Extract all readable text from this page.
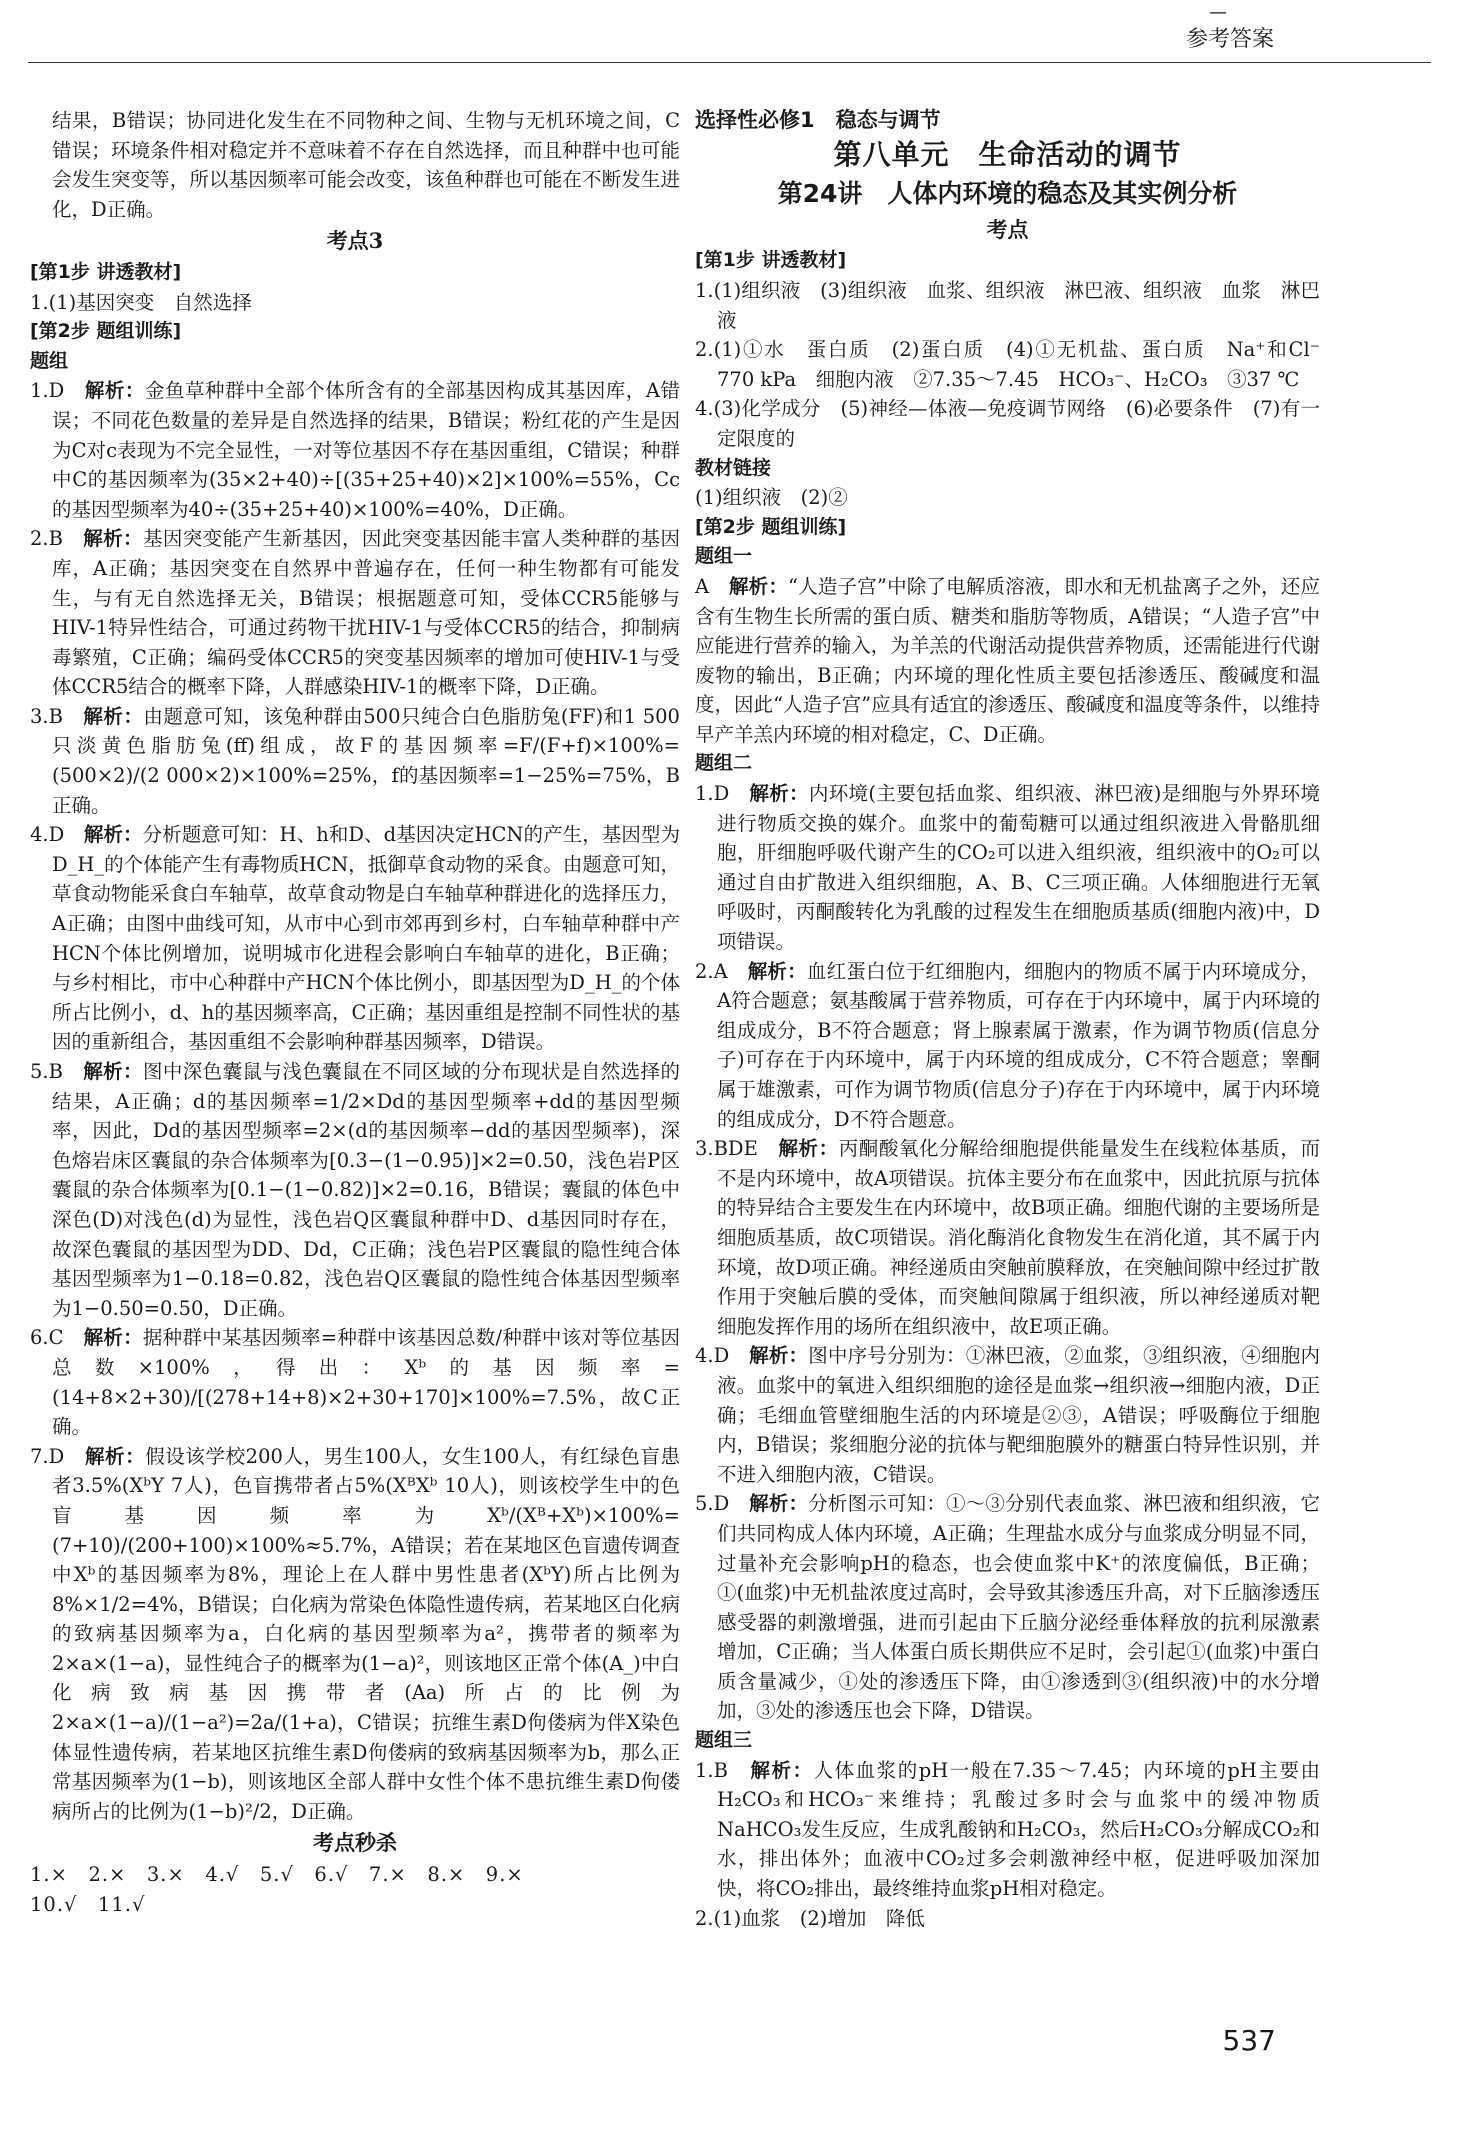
—
参考答案

结果，B错误；协同进化发生在不同物种之间、生物与无机环境之间，C错误；环境条件相对稳定并不意味着不存在自然选择，而且种群中也可能会发生突变等，所以基因频率可能会改变，该鱼种群也可能在不断发生进化，D正确。

考点3

[第1步 讲透教材]

1.(1)基因突变　自然选择

[第2步 题组训练]

题组

1.D　 解析：金鱼草种群中全部个体所含有的全部基因构成其基因库，A错误；不同花色数量的差异是自然选择的结果，B错误；粉红花的产生是因为C对c表现为不完全显性，一对等位基因不存在基因重组，C错误；种群中C的基因频率为(35×2+40)÷[(35+25+40)×2]×100%=55%，Cc的基因型频率为40÷(35+25+40)×100%=40%，D正确。

2.B　 解析：基因突变能产生新基因，因此突变基因能丰富人类种群的基因库，A正确；基因突变在自然界中普遍存在，任何一种生物都有可能发生，与有无自然选择无关，B错误；根据题意可知，受体CCR5能够与HIV-1特异性结合，可通过药物干扰HIV-1与受体CCR5的结合，抑制病毒繁殖，C正确；编码受体CCR5的突变基因频率的增加可使HIV-1与受体CCR5结合的概率下降，人群感染HIV-1的概率下降，D正确。

3.B　 解析：由题意可知，该兔种群由500只纯合白色脂肪兔(FF)和1 500只淡黄色脂肪兔(ff)组成，故F的基因频率=F/(F+f)×100%=(500×2)/(2 000×2)×100%=25%，f的基因频率=1−25%=75%，B正确。

4.D　 解析：分析题意可知：H、h和D、d基因决定HCN的产生，基因型为D_H_的个体能产生有毒物质HCN，抵御草食动物的采食。由题意可知，草食动物能采食白车轴草，故草食动物是白车轴草种群进化的选择压力，A正确；由图中曲线可知，从市中心到市郊再到乡村，白车轴草种群中产HCN个体比例增加，说明城市化进程会影响白车轴草的进化，B正确；与乡村相比，市中心种群中产HCN个体比例小，即基因型为D_H_的个体所占比例小，d、h的基因频率高，C正确；基因重组是控制不同性状的基因的重新组合，基因重组不会影响种群基因频率，D错误。

5.B　 解析：图中深色囊鼠与浅色囊鼠在不同区域的分布现状是自然选择的结果，A正确；d的基因频率=1/2×Dd的基因型频率+dd的基因型频率，因此，Dd的基因型频率=2×(d的基因频率−dd的基因型频率)，深色熔岩床区囊鼠的杂合体频率为[0.3−(1−0.95)]×2=0.50，浅色岩P区囊鼠的杂合体频率为[0.1−(1−0.82)]×2=0.16，B错误；囊鼠的体色中深色(D)对浅色(d)为显性，浅色岩Q区囊鼠种群中D、d基因同时存在，故深色囊鼠的基因型为DD、Dd，C正确；浅色岩P区囊鼠的隐性纯合体基因型频率为1−0.18=0.82，浅色岩Q区囊鼠的隐性纯合体基因型频率为1−0.50=0.50，D正确。

6.C　 解析：据种群中某基因频率=种群中该基因总数/种群中该对等位基因总数×100%，得出：Xᵇ的基因频率=(14+8×2+30)/[(278+14+8)×2+30+170]×100%=7.5%，故C正确。

7.D　 解析：假设该学校200人，男生100人，女生100人，有红绿色盲患者3.5%(XᵇY 7人)，色盲携带者占5%(XᴮXᵇ 10人)，则该校学生中的色盲基因频率为Xᵇ/(Xᴮ+Xᵇ)×100%=(7+10)/(200+100)×100%≈5.7%，A错误；若在某地区色盲遗传调查中Xᵇ的基因频率为8%，理论上在人群中男性患者(XᵇY)所占比例为8%×1/2=4%，B错误；白化病为常染色体隐性遗传病，若某地区白化病的致病基因频率为a，白化病的基因型频率为a²，携带者的频率为2×a×(1−a)，显性纯合子的概率为(1−a)²，则该地区正常个体(A_)中白化病致病基因携带者(Aa)所占的比例为2×a×(1−a)/(1−a²)=2a/(1+a)，C错误；抗维生素D佝偻病为伴X染色体显性遗传病，若某地区抗维生素D佝偻病的致病基因频率为b，那么正常基因频率为(1−b)，则该地区全部人群中女性个体不患抗维生素D佝偻病所占的比例为(1−b)²/2，D正确。

考点秒杀

1.×　2.×　3.×　4.√　5.√　6.√　7.×　8.×　9.×

10.√　11.√

选择性必修1　稳态与调节

第八单元　生命活动的调节

第24讲　人体内环境的稳态及其实例分析

考点

[第1步 讲透教材]

1.(1)组织液　(3)组织液　血浆、组织液　淋巴液、组织液　血浆　淋巴液

2.(1)①水　蛋白质　(2)蛋白质　(4)①无机盐、蛋白质　Na⁺和Cl⁻　770 kPa　细胞内液　②7.35～7.45　HCO₃⁻、H₂CO₃　③37 ℃

4.(3)化学成分　(5)神经—体液—免疫调节网络　(6)必要条件　(7)有一定限度的

教材链接

(1)组织液　(2)②

[第2步 题组训练]

题组一

A　 解析：“人造子宫”中除了电解质溶液，即水和无机盐离子之外，还应含有生物生长所需的蛋白质、糖类和脂肪等物质，A错误；“人造子宫”中应能进行营养的输入，为羊羔的代谢活动提供营养物质，还需能进行代谢废物的输出，B正确；内环境的理化性质主要包括渗透压、酸碱度和温度，因此“人造子宫”应具有适宜的渗透压、酸碱度和温度等条件，以维持早产羊羔内环境的相对稳定，C、D正确。

题组二

1.D　 解析：内环境(主要包括血浆、组织液、淋巴液)是细胞与外界环境进行物质交换的媒介。血浆中的葡萄糖可以通过组织液进入骨骼肌细胞，肝细胞呼吸代谢产生的CO₂可以进入组织液，组织液中的O₂可以通过自由扩散进入组织细胞，A、B、C三项正确。人体细胞进行无氧呼吸时，丙酮酸转化为乳酸的过程发生在细胞质基质(细胞内液)中，D项错误。

2.A　 解析：血红蛋白位于红细胞内，细胞内的物质不属于内环境成分，A符合题意；氨基酸属于营养物质，可存在于内环境中，属于内环境的组成成分，B不符合题意；肾上腺素属于激素，作为调节物质(信息分子)可存在于内环境中，属于内环境的组成成分，C不符合题意；睾酮属于雄激素，可作为调节物质(信息分子)存在于内环境中，属于内环境的组成成分，D不符合题意。

3.BDE　 解析：丙酮酸氧化分解给细胞提供能量发生在线粒体基质，而不是内环境中，故A项错误。抗体主要分布在血浆中，因此抗原与抗体的特异结合主要发生在内环境中，故B项正确。细胞代谢的主要场所是细胞质基质，故C项错误。消化酶消化食物发生在消化道，其不属于内环境，故D项正确。神经递质由突触前膜释放，在突触间隙中经过扩散作用于突触后膜的受体，而突触间隙属于组织液，所以神经递质对靶细胞发挥作用的场所在组织液中，故E项正确。

4.D　 解析：图中序号分别为：①淋巴液，②血浆，③组织液，④细胞内液。血浆中的氧进入组织细胞的途径是血浆→组织液→细胞内液，D正确；毛细血管壁细胞生活的内环境是②③，A错误；呼吸酶位于细胞内，B错误；浆细胞分泌的抗体与靶细胞膜外的糖蛋白特异性识别，并不进入细胞内液，C错误。

5.D　 解析：分析图示可知：①～③分别代表血浆、淋巴液和组织液，它们共同构成人体内环境，A正确；生理盐水成分与血浆成分明显不同，过量补充会影响pH的稳态，也会使血浆中K⁺的浓度偏低，B正确；①(血浆)中无机盐浓度过高时，会导致其渗透压升高，对下丘脑渗透压感受器的刺激增强，进而引起由下丘脑分泌经垂体释放的抗利尿激素增加，C正确；当人体蛋白质长期供应不足时，会引起①(血浆)中蛋白质含量减少，①处的渗透压下降，由①渗透到③(组织液)中的水分增加，③处的渗透压也会下降，D错误。

题组三

1.B　 解析：人体血浆的pH一般在7.35～7.45；内环境的pH主要由H₂CO₃和HCO₃⁻来维持；乳酸过多时会与血浆中的缓冲物质NaHCO₃发生反应，生成乳酸钠和H₂CO₃，然后H₂CO₃分解成CO₂和水，排出体外；血液中CO₂过多会刺激神经中枢，促进呼吸加深加快，将CO₂排出，最终维持血浆pH相对稳定。

2.(1)血浆　(2)增加　降低

537
